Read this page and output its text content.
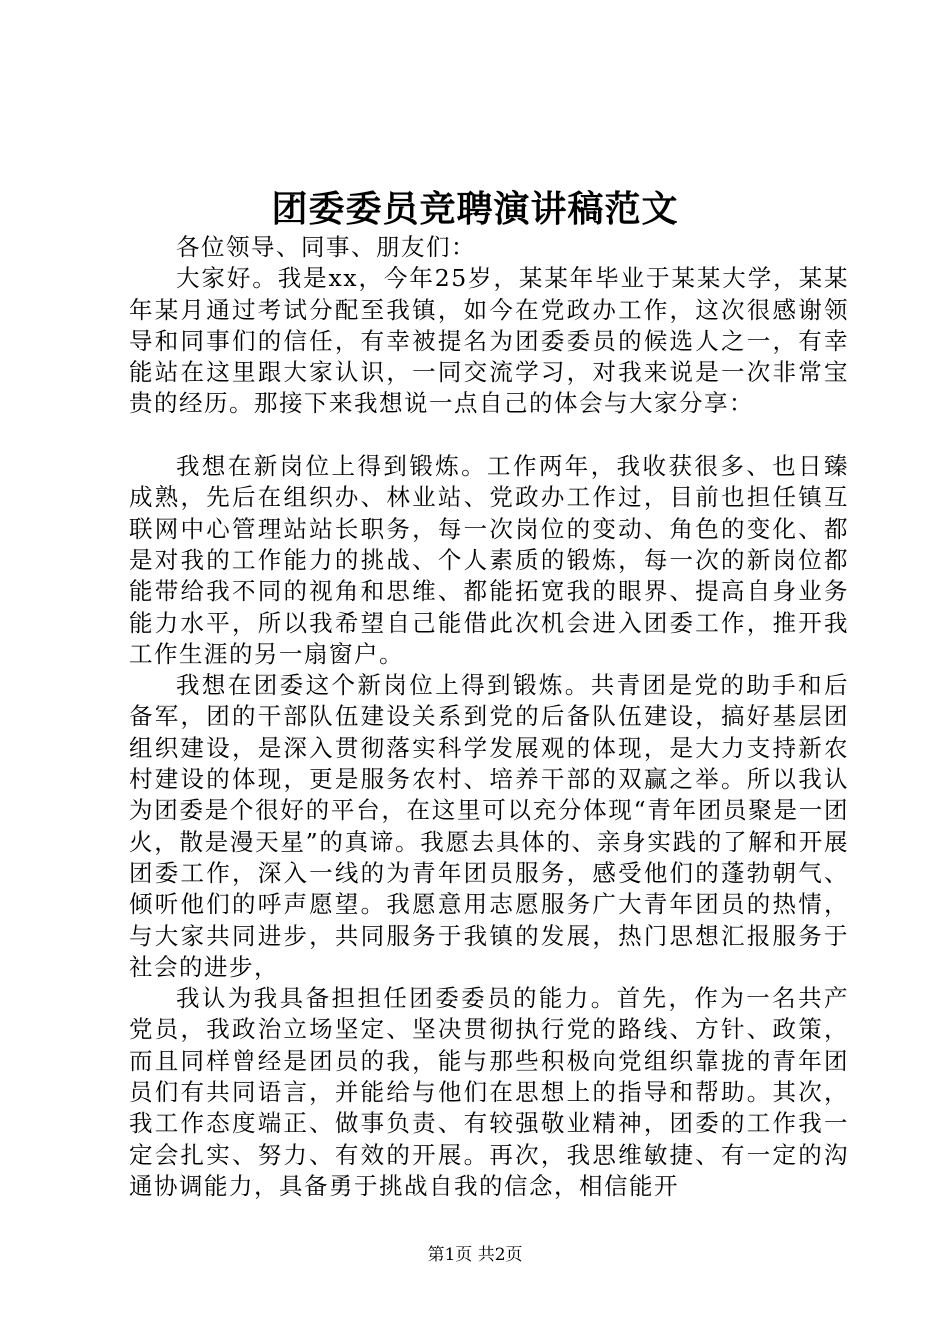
团委委员竞聘演讲稿范文

各位领导、同事、朋友们：

大家好。我是xx，今年25岁，某某年毕业于某某大学，某某年某月通过考试分配至我镇，如今在党政办工作，这次很感谢领导和同事们的信任，有幸被提名为团委委员的候选人之一，有幸能站在这里跟大家认识，一同交流学习，对我来说是一次非常宝贵的经历。那接下来我想说一点自己的体会与大家分享：

我想在新岗位上得到锻炼。工作两年，我收获很多、也日臻成熟，先后在组织办、林业站、党政办工作过，目前也担任镇互联网中心管理站站长职务，每一次岗位的变动、角色的变化、都是对我的工作能力的挑战、个人素质的锻炼，每一次的新岗位都能带给我不同的视角和思维、都能拓宽我的眼界、提高自身业务能力水平，所以我希望自己能借此次机会进入团委工作，推开我工作生涯的另一扇窗户。

我想在团委这个新岗位上得到锻炼。共青团是党的助手和后备军，团的干部队伍建设关系到党的后备队伍建设，搞好基层团组织建设，是深入贯彻落实科学发展观的体现，是大力支持新农村建设的体现，更是服务农村、培养干部的双赢之举。所以我认为团委是个很好的平台，在这里可以充分体现“青年团员聚是一团火，散是漫天星”的真谛。我愿去具体的、亲身实践的了解和开展团委工作，深入一线的为青年团员服务，感受他们的蓬勃朝气、倾听他们的呼声愿望。我愿意用志愿服务广大青年团员的热情，与大家共同进步，共同服务于我镇的发展，热门思想汇报服务于社会的进步，

我认为我具备担担任团委委员的能力。首先，作为一名共产党员，我政治立场坚定、坚决贯彻执行党的路线、方针、政策，而且同样曾经是团员的我，能与那些积极向党组织靠拢的青年团员们有共同语言，并能给与他们在思想上的指导和帮助。其次，我工作态度端正、做事负责、有较强敬业精神，团委的工作我一定会扎实、努力、有效的开展。再次，我思维敏捷、有一定的沟通协调能力，具备勇于挑战自我的信念，相信能开

第1页 共2页
